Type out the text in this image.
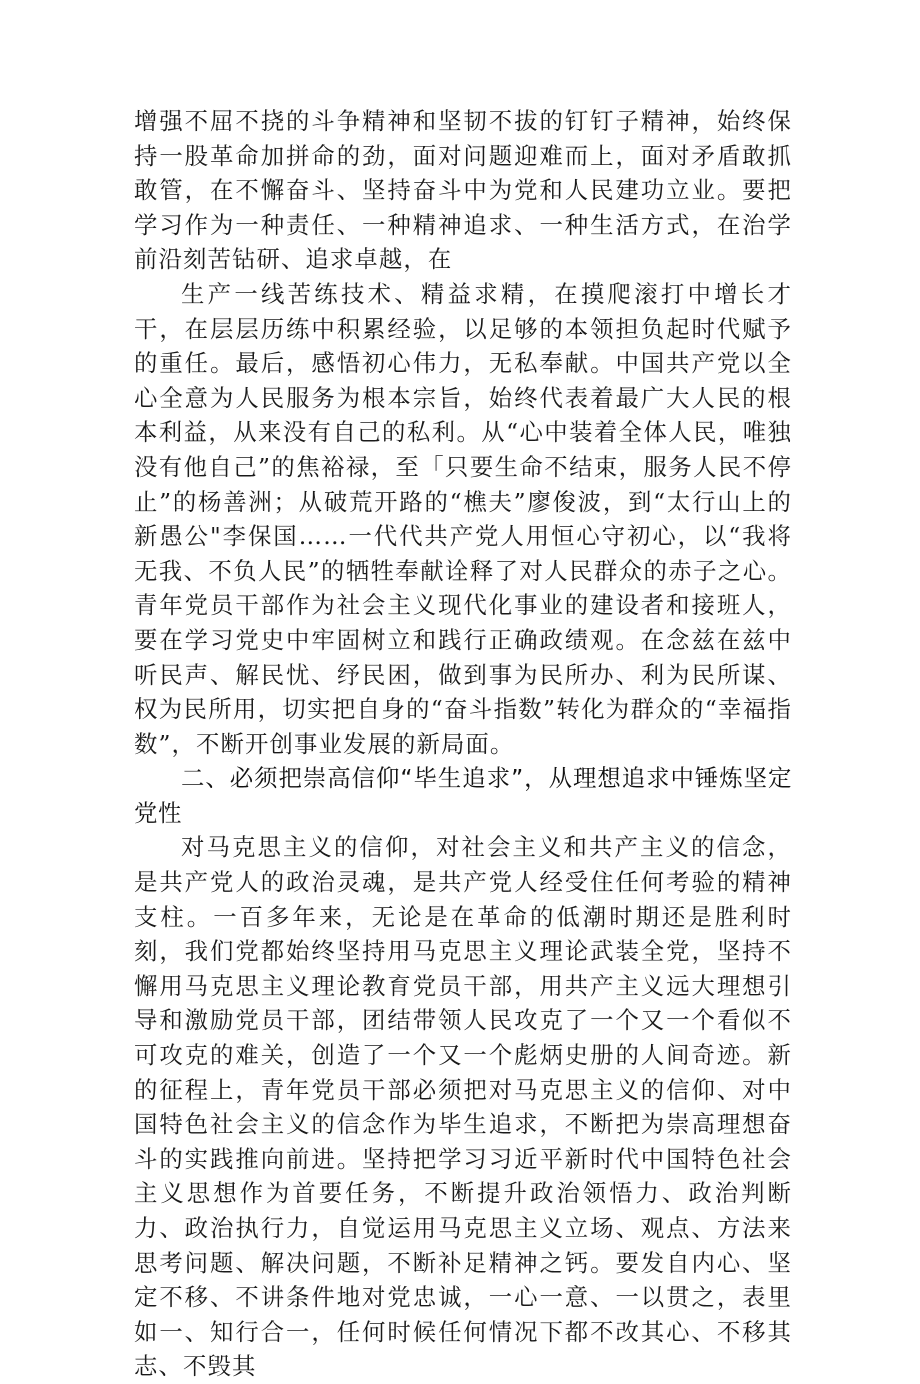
增强不屈不挠的斗争精神和坚韧不拔的钉钉子精神，始终保持一股革命加拼命的劲，面对问题迎难而上，面对矛盾敢抓敢管，在不懈奋斗、坚持奋斗中为党和人民建功立业。要把学习作为一种责任、一种精神追求、一种生活方式，在治学前沿刻苦钻研、追求卓越，在

生产一线苦练技术、精益求精，在摸爬滚打中增长才干，在层层历练中积累经验，以足够的本领担负起时代赋予的重任。最后，感悟初心伟力，无私奉献。中国共产党以全心全意为人民服务为根本宗旨，始终代表着最广大人民的根本利益，从来没有自己的私利。从“心中装着全体人民，唯独没有他自己”的焦裕禄，至「只要生命不结束，服务人民不停止”的杨善洲；从破荒开路的“樵夫”廖俊波，到“太行山上的新愚公"李保国……一代代共产党人用恒心守初心，以“我将无我、不负人民”的牺牲奉献诠释了对人民群众的赤子之心。青年党员干部作为社会主义现代化事业的建设者和接班人，要在学习党史中牢固树立和践行正确政绩观。在念兹在兹中听民声、解民忧、纾民困，做到事为民所办、利为民所谋、权为民所用，切实把自身的“奋斗指数”转化为群众的“幸福指数”，不断开创事业发展的新局面。

二、必须把崇高信仰“毕生追求”，从理想追求中锤炼坚定党性

对马克思主义的信仰，对社会主义和共产主义的信念，是共产党人的政治灵魂，是共产党人经受住任何考验的精神支柱。一百多年来，无论是在革命的低潮时期还是胜利时刻，我们党都始终坚持用马克思主义理论武装全党，坚持不懈用马克思主义理论教育党员干部，用共产主义远大理想引导和激励党员干部，团结带领人民攻克了一个又一个看似不可攻克的难关，创造了一个又一个彪炳史册的人间奇迹。新的征程上，青年党员干部必须把对马克思主义的信仰、对中国特色社会主义的信念作为毕生追求，不断把为崇高理想奋斗的实践推向前进。坚持把学习习近平新时代中国特色社会主义思想作为首要任务，不断提升政治领悟力、政治判断力、政治执行力，自觉运用马克思主义立场、观点、方法来思考问题、解决问题，不断补足精神之钙。要发自内心、坚定不移、不讲条件地对党忠诚，一心一意、一以贯之，表里如一、知行合一，任何时候任何情况下都不改其心、不移其志、不毁其
